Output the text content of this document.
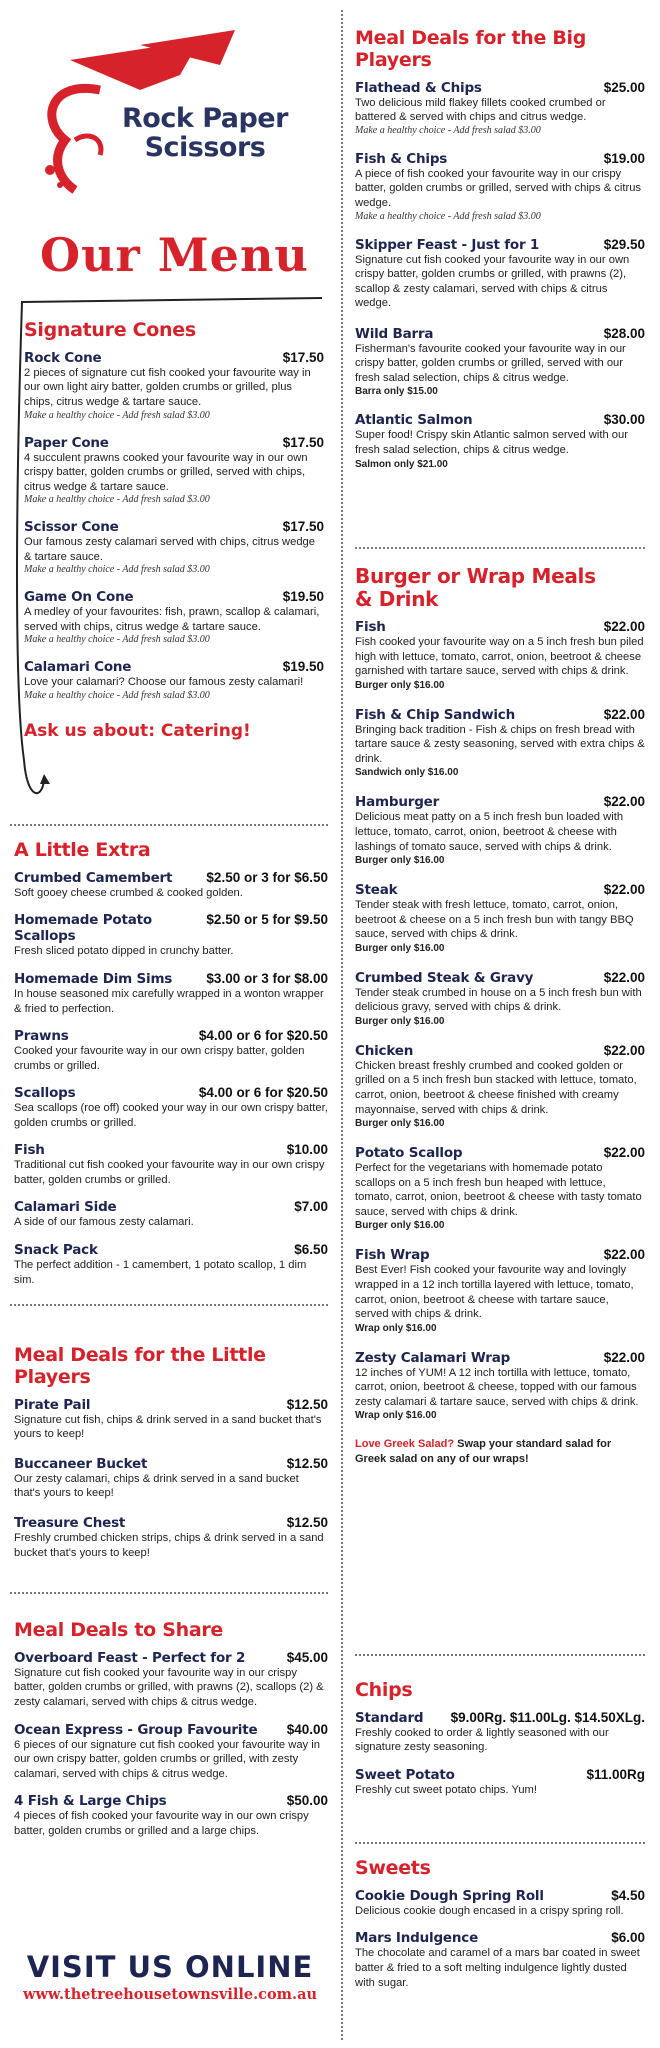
Rock Paper
Scissors
Our Menu
Signature Cones
Rock Cone	$17.50
2 pieces of signature cut fish cooked your favourite way in our own light airy batter, golden crumbs or grilled, plus chips, citrus wedge & tartare sauce.
Make a healthy choice - Add fresh salad $3.00
Paper Cone	$17.50
4 succulent prawns cooked your favourite way in our own crispy batter, golden crumbs or grilled, served with chips, citrus wedge & tartare sauce.
Make a healthy choice - Add fresh salad $3.00
Scissor Cone	$17.50
Our famous zesty calamari served with chips, citrus wedge & tartare sauce.
Make a healthy choice - Add fresh salad $3.00
Game On Cone	$19.50
A medley of your favourites: fish, prawn, scallop & calamari, served with chips, citrus wedge & tartare sauce.
Make a healthy choice - Add fresh salad $3.00
Calamari Cone	$19.50
Love your calamari? Choose our famous zesty calamari!
Make a healthy choice - Add fresh salad $3.00
Ask us about: Catering!
A Little Extra
Crumbed Camembert	$2.50 or 3 for $6.50
Soft gooey cheese crumbed & cooked golden.
Homemade Potato Scallops
$2.50 or 5 for $9.50
Fresh sliced potato dipped in crunchy batter.
Homemade Dim Sims	$3.00 or 3 for $8.00
In house seasoned mix carefully wrapped in a wonton wrapper & fried to perfection.
Prawns	$4.00 or 6 for $20.50
Cooked your favourite way in our own crispy batter, golden crumbs or grilled.
Scallops	$4.00 or 6 for $20.50
Sea scallops (roe off) cooked your way in our own crispy batter, golden crumbs or grilled.
Fish	$10.00
Traditional cut fish cooked your favourite way in our own crispy batter, golden crumbs or grilled.
Calamari Side	$7.00
A side of our famous zesty calamari.
Snack Pack	$6.50
The perfect addition - 1 camembert, 1 potato scallop, 1 dim sim.
Meal Deals for the Little Players
Pirate Pail	$12.50
Signature cut fish, chips & drink served in a sand bucket that's yours to keep!
Buccaneer Bucket	$12.50
Our zesty calamari, chips & drink served in a sand bucket that's yours to keep!
Treasure Chest	$12.50
Freshly crumbed chicken strips, chips & drink served in a sand bucket that's yours to keep!
Meal Deals to Share
Overboard Feast - Perfect for 2	$45.00
Signature cut fish cooked your favourite way in our crispy batter, golden crumbs or grilled, with prawns (2), scallops (2) & zesty calamari, served with chips & citrus wedge.
Ocean Express - Group Favourite $40.00
6 pieces of our signature cut fish cooked your favourite way in our own crispy batter, golden crumbs or grilled, with zesty calamari, served with chips & citrus wedge.
4 Fish & Large Chips	$50.00
4 pieces of fish cooked your favourite way in our own crispy batter, golden crumbs or grilled and a large chips.
VISIT US ONLINE
www.thetreehousetownsville.com.au
Meal Deals for the Big Players
Flathead & Chips	$25.00
Two delicious mild flakey fillets cooked crumbed or battered & served with chips and citrus wedge.
Make a healthy choice - Add fresh salad $3.00
Fish & Chips	$19.00
A piece of fish cooked your favourite way in our crispy batter, golden crumbs or grilled, served with chips & citrus wedge.
Make a healthy choice - Add fresh salad $3.00
Skipper Feast - Just for 1	$29.50
Signature cut fish cooked your favourite way in our own crispy batter, golden crumbs or grilled, with prawns (2), scallop & zesty calamari, served with chips & citrus wedge.
Wild Barra	$28.00
Fisherman's favourite cooked your favourite way in our crispy batter, golden crumbs or grilled, served with our fresh salad selection, chips & citrus wedge.
Barra only $15.00
Atlantic Salmon	$30.00
Super food! Crispy skin Atlantic salmon served with our fresh salad selection, chips & citrus wedge.
Salmon only $21.00
Burger or Wrap Meals
& Drink
Fish	$22.00
Fish cooked your favourite way on a 5 inch fresh bun piled high with lettuce, tomato, carrot, onion, beetroot & cheese garnished with tartare sauce, served with chips & drink.
Burger only $16.00
Fish & Chip Sandwich	$22.00
Bringing back tradition - Fish & chips on fresh bread with tartare sauce & zesty seasoning, served with extra chips & drink.
Sandwich only $16.00
Hamburger	$22.00
Delicious meat patty on a 5 inch fresh bun loaded with lettuce, tomato, carrot, onion, beetroot & cheese with lashings of tomato sauce, served with chips & drink.
Burger only $16.00
Steak	$22.00
Tender steak with fresh lettuce, tomato, carrot, onion, beetroot & cheese on a 5 inch fresh bun with tangy BBQ sauce, served with chips & drink.
Burger only $16.00
Crumbed Steak & Gravy	$22.00
Tender steak crumbed in house on a 5 inch fresh bun with delicious gravy, served with chips & drink.
Burger only $16.00
Chicken	$22.00
Chicken breast freshly crumbed and cooked golden or grilled on a 5 inch fresh bun stacked with lettuce, tomato, carrot, onion, beetroot & cheese finished with creamy mayonnaise, served with chips & drink.
Burger only $16.00
Potato Scallop	$22.00
Perfect for the vegetarians with homemade potato scallops on a 5 inch fresh bun heaped with lettuce, tomato, carrot, onion, beetroot & cheese with tasty tomato sauce, served with chips & drink.
Burger only $16.00
Fish Wrap	$22.00
Best Ever! Fish cooked your favourite way and lovingly wrapped in a 12 inch tortilla layered with lettuce, tomato, carrot, onion, beetroot & cheese with tartare sauce, served with chips & drink.
Wrap only $16.00
Zesty Calamari Wrap	$22.00
12 inches of YUM! A 12 inch tortilla with lettuce, tomato, carrot, onion, beetroot & cheese, topped with our famous zesty calamari & tartare sauce, served with chips & drink.
Wrap only $16.00
Love Greek Salad? Swap your standard salad for Greek salad on any of our wraps!
Chips
Standard $9.00Rg. $11.00Lg. $14.50XLg.
Freshly cooked to order & lightly seasoned with our signature zesty seasoning.
Sweet Potato	$11.00Rg
Freshly cut sweet potato chips. Yum!
Sweets
Cookie Dough Spring Roll	$4.50
Delicious cookie dough encased in a crispy spring roll.
Mars Indulgence	$6.00
The chocolate and caramel of a mars bar coated in sweet batter & fried to a soft melting indulgence lightly dusted with sugar.
